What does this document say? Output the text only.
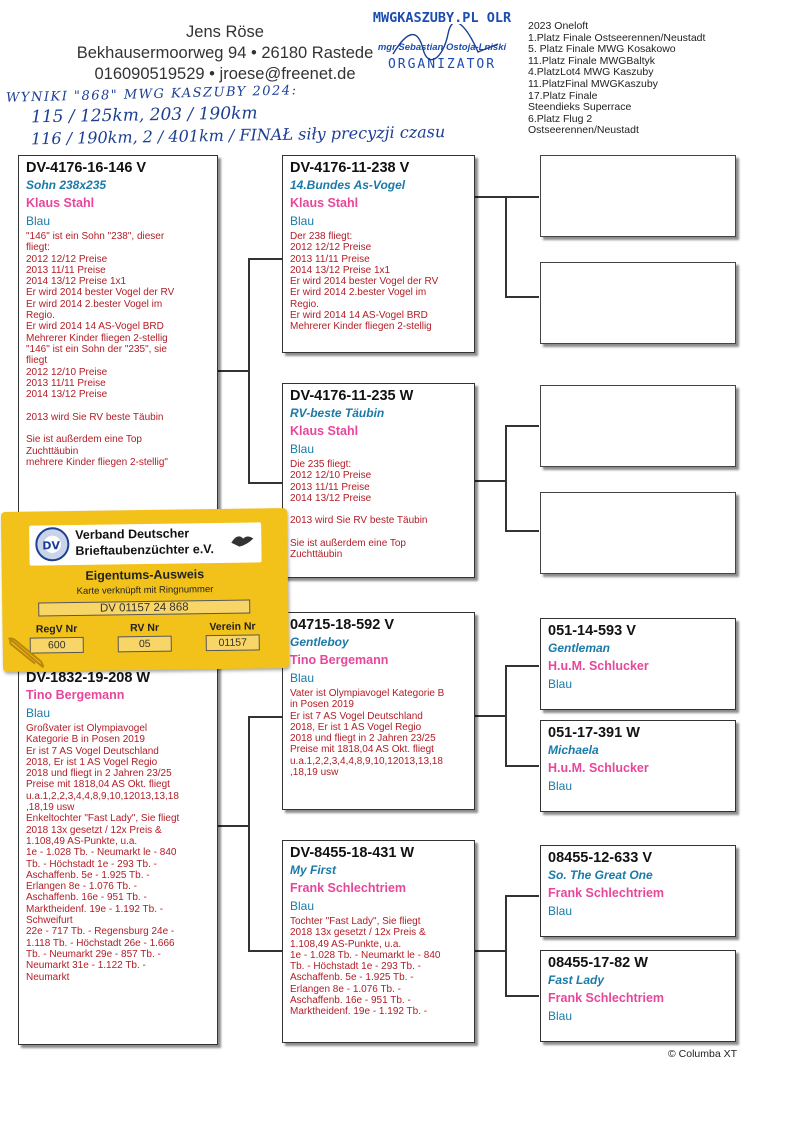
Jens Röse
Bekhausermoorweg 94 • 26180 Rastede
016090519529 • jroese@freenet.de
MWGKASZUBY.PL OLR
mgr Sebastian Ostoja-Lniski
ORGANIZATOR
2023 Oneloft
1.Platz Finale Ostseerennen/Neustadt
5. Platz Finale MWG Kosakowo
11.Platz Finale MWGBaltyk
4.PlatzLot4 MWG Kaszuby
11.PlatzFinal MWGKaszuby
17.Platz Finale
Steendieks Superrace
6.Platz Flug 2
Ostseerennen/Neustadt
WYNIKI "868" MWG KASZUBY 2024:
115 / 125km, 203 / 190km
116 / 190km, 2 / 401km / FINAŁ siły precyzji czasu
DV-4176-16-146 V
Sohn 238x235
Klaus Stahl
Blau
"146" ist ein Sohn "238", dieser
fliegt:
2012 12/12 Preise
2013 11/11 Preise
2014 13/12 Preise 1x1
Er wird 2014 bester Vogel der RV
Er wird 2014 2.bester Vogel im
Regio.
Er wird 2014 14 AS-Vogel BRD
Mehrerer Kinder fliegen 2-stellig
"146" ist ein Sohn der "235", sie
fliegt
2012 12/10 Preise
2013 11/11 Preise
2014 13/12 Preise

2013 wird Sie RV beste Täubin

Sie ist außerdem eine Top
Zuchttäubin
mehrere Kinder fliegen 2-stellig"
DV-4176-11-238 V
14.Bundes As-Vogel
Klaus Stahl
Blau
Der 238 fliegt:
2012 12/12 Preise
2013 11/11 Preise
2014 13/12 Preise 1x1
Er wird 2014 bester Vogel der RV
Er wird 2014 2.bester Vogel im
Regio.
Er wird 2014 14 AS-Vogel BRD
Mehrerer Kinder fliegen 2-stellig
DV-4176-11-235 W
RV-beste Täubin
Klaus Stahl
Blau
Die 235 fliegt:
2012 12/10 Preise
2013 11/11 Preise
2014 13/12 Preise

2013 wird Sie RV beste Täubin

Sie ist außerdem eine Top
Zuchttäubin
DV-1832-19-208 W
Tino Bergemann
Blau
Großvater ist Olympiavogel
Kategorie B in Posen 2019
Er ist 7 AS Vogel Deutschland
2018, Er ist 1 AS Vogel Regio
2018 und fliegt in 2 Jahren 23/25
Preise mit 1818,04 AS Okt. fliegt
u.a.1,2,2,3,4,4,8,9,10,12013,13,18
,18,19 usw
Enkeltochter "Fast Lady", Sie fliegt
2018 13x gesetzt / 12x Preis &
1.108,49 AS-Punkte, u.a.
1e - 1.028 Tb. - Neumarkt le - 840
Tb. - Höchstadt 1e - 293 Tb. -
Aschaffenb. 5e - 1.925 Tb. -
Erlangen 8e - 1.076 Tb. -
Aschaffenb. 16e - 951 Tb. -
Marktheidenf. 19e - 1.192 Tb. -
Schweifurt
22e - 717 Tb. - Regensburg 24e -
1.118 Tb. - Höchstadt 26e - 1.666
Tb. - Neumarkt 29e - 857 Tb. -
Neumarkt 31e - 1.122 Tb. -
Neumarkt
04715-18-592 V
Gentleboy
Tino Bergemann
Blau
Vater ist Olympiavogel Kategorie B
in Posen 2019
Er ist 7 AS Vogel Deutschland
2018, Er ist 1 AS Vogel Regio
2018 und fliegt in 2 Jahren 23/25
Preise mit 1818,04 AS Okt. fliegt
u.a.1,2,2,3,4,4,8,9,10,12013,13,18
,18,19 usw
DV-8455-18-431 W
My First
Frank Schlechtriem
Blau
Tochter "Fast Lady", Sie fliegt
2018 13x gesetzt / 12x Preis &
1.108,49 AS-Punkte, u.a.
1e - 1.028 Tb. - Neumarkt le - 840
Tb. - Höchstadt 1e - 293 Tb. -
Aschaffenb. 5e - 1.925 Tb. -
Erlangen 8e - 1.076 Tb. -
Aschaffenb. 16e - 951 Tb. -
Marktheidenf. 19e - 1.192 Tb. -
051-14-593 V
Gentleman
H.u.M. Schlucker
Blau
051-17-391 W
Michaela
H.u.M. Schlucker
Blau
08455-12-633 V
So. The Great One
Frank Schlechtriem
Blau
08455-17-82 W
Fast Lady
Frank Schlechtriem
Blau
DV
Verband Deutscher
Brieftaubenzüchter e.V.
Eigentums-Ausweis
Karte verknüpft mit Ringnummer
DV 01157 24 868
RegV Nr	RV Nr	Verein Nr
600	05	01157
© Columba XT
